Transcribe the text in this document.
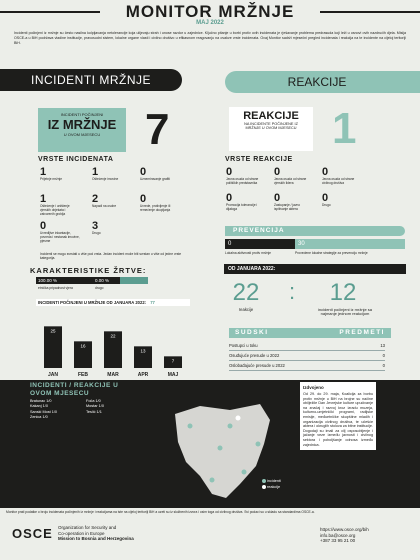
MONITOR MRŽNJE
MAJ 2022
Incidenti počinjeni iz mržnje su često nasilna kolpijavanja netolerancije koja ulijevaju strah i unose razdor u zajednice. Ključno pitanje u borbi protiv ovih incidenata je rješavanje problema predrasuda koji leži u osnovi ovih nazdrućih djela. Misija OSCE-a u BiH podržava vladine institucije, pravosudni sistem, lokalne organe vlasti i civilno društvo u efikasnom reagovanju na ovakve vrste incidenata. Ovaj Monitor sadrži mjesečni pregled incidenata i reakcija na te incidente na cijeloj teritoriji BiH.
INCIDENTI MRŽNJE	REAKCIJE
INCIDENTI POČINJENI
IZ MRŽNJE
U OVOM MJESECU	7	REAKCIJE
NA INCIDENTE POČINJENE IZ MRŽNJE U OVOM MJESECU 1
VRSTE INCIDENATA
1
Prijetnje mržnje
1
Oštećenje imovine
0
Uznemiravanje grafiti
1
Oštećenje i uništenje vjerskih objekata i zatvorenih groblja
2
Napadi na osobe
0
Uvrede, protivljenje ili remećenje okupljanja
0
Uvredljive inkantacije, povreda i nestanak imovine, pjesme
3
Drugo
Incidenti se mogu svrstati u više pod vrsta. Jedan incident može biti svrstan u više od jedne vrste kategorija.
VRSTE REAKCIJE
0
Javna osuda od strane političkih predstavnika
0
Javna osuda od strane vjerskih lidera
0
Javna osuda od strane civilnog društva
0
Promocija tolerancije i dijaloga
0
Zastupanje / javno ispitivanje aktera
0
Drugo
PREVENCIJA
0	30
Lokalna aktivnosti protiv mržnje	Provedene lokalne strategije za prevenciju mržnje
KARAKTERISTIKE ŽRTVE:
100.00 %	0.00 %
etnička pripadnost vjera	drugo
INCIDENTI POČINJENI U MRŽNJE OD JANUARA 2022: 77
25
JAN
16
FEB
22
MAR
13
APR
7
MAJ
OD JANUARA 2022:
22
reakcije
:	12
incidenti počinjeni iz mržnje sa najmanje jednom reakcijom
SUDSKI	PREDMETI
Postupci u toku	13
Osuđujuće presude u 2022	0
Oslobađajuće presude u 2022	0
INCIDENTI / REAKCIJE U OVOM MJESECU
Bratunac 1/0	Foča 1/0
Kakanj 1/0	Mostar 1/0
Sanski Most 1/0	Teslić 1/1
Zenica 1/0
incidenti
reakcije
Izdvojeno
Od 29. do 29. maja, Koalicija za borbu protiv mržnje u BiH na brojne su načine obilježile Dan Jevrejske kulture upućivanje na značaj i razvoj kroz izradu muzeja, kulturno-umjetnički programi, radijske emisije, međuetničke skupštine mladih i organizacija civilnog društva, te učešće aktera i okruglih stolova za bitne institucije. Dogodaji su imali za cilj osposobljenje i jačanje veze između javnosti i civilnog sektora i poboljšanje odnosa između zajednica.
Monitor prati podatke o broju incidenata počinjenih iz mržnje i reakcijama na iste na cijeloj teritoriji BiH a uzeti su iz službenih izvora i osim toga od civilnog društva. Svi podaci su u skladu sa standardima OSCE-a.
OSCE Organization for Security and
Co-operation in Europe
Mission to Bosnia and Herzegovina
https://www.osce.org/bih
info.ba@osce.org
+387 33 95 21 00
